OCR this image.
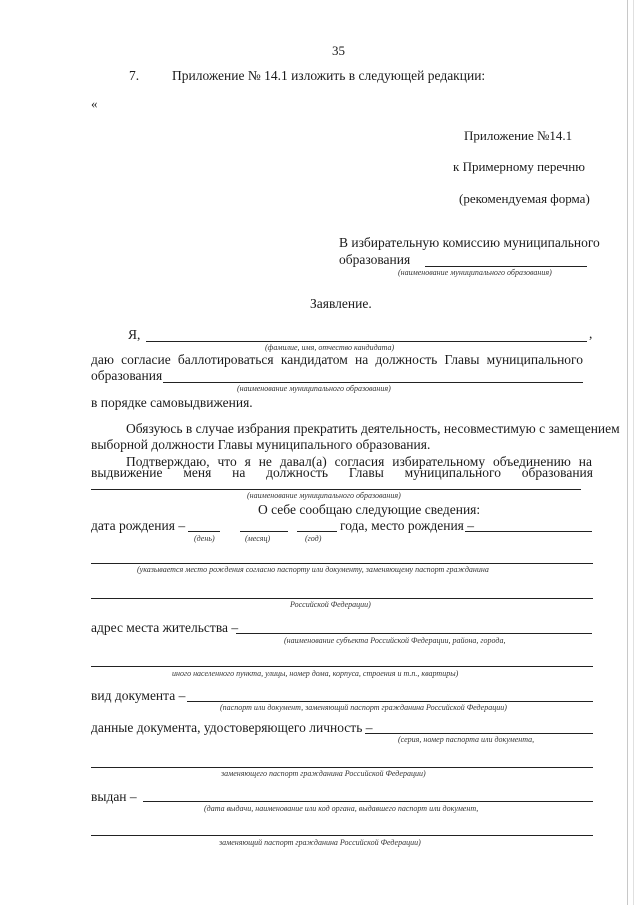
35
7. Приложение № 14.1 изложить в следующей редакции:
«
Приложение №14.1
к Примерному перечню
(рекомендуемая форма)
В избирательную комиссию муниципального
образования
(наименование муниципального образования)
Заявление.
Я,	,
(фамилие, имя, отчество кандидата)
даю согласие баллотироваться кандидатом на должность Главы муниципального
образования
(наименование муниципального образования)
в порядке самовыдвижения.
Обязуюсь в случае избрания прекратить деятельность, несовместимую с замещением
выборной должности Главы муниципального образования.
Подтверждаю, что я не давал(а) согласия избирательному объединению на
выдвижение меня на должность Главы муниципального образования
(наименование муниципального образования)
О себе сообщаю следующие сведения:
дата рождения –	года, место рождения –
(день)	(месяц)	(год)
(указывается место рождения согласно паспорту или документу, заменяющему паспорт гражданина
Российской Федерации)
адрес места жительства –
(наименование субъекта Российской Федерации, района, города,
иного населенного пункта, улицы, номер дома, корпуса, строения и т.п., квартиры)
вид документа –
(паспорт или документ, заменяющий паспорт гражданина Российской Федерации)
данные документа, удостоверяющего личность –
(серия, номер паспорта или документа,
заменяющего паспорт гражданина Российской Федерации)
выдан –
(дата выдачи, наименование или код органа, выдавшего паспорт или документ,
заменяющий паспорт гражданина Российской Федерации)
